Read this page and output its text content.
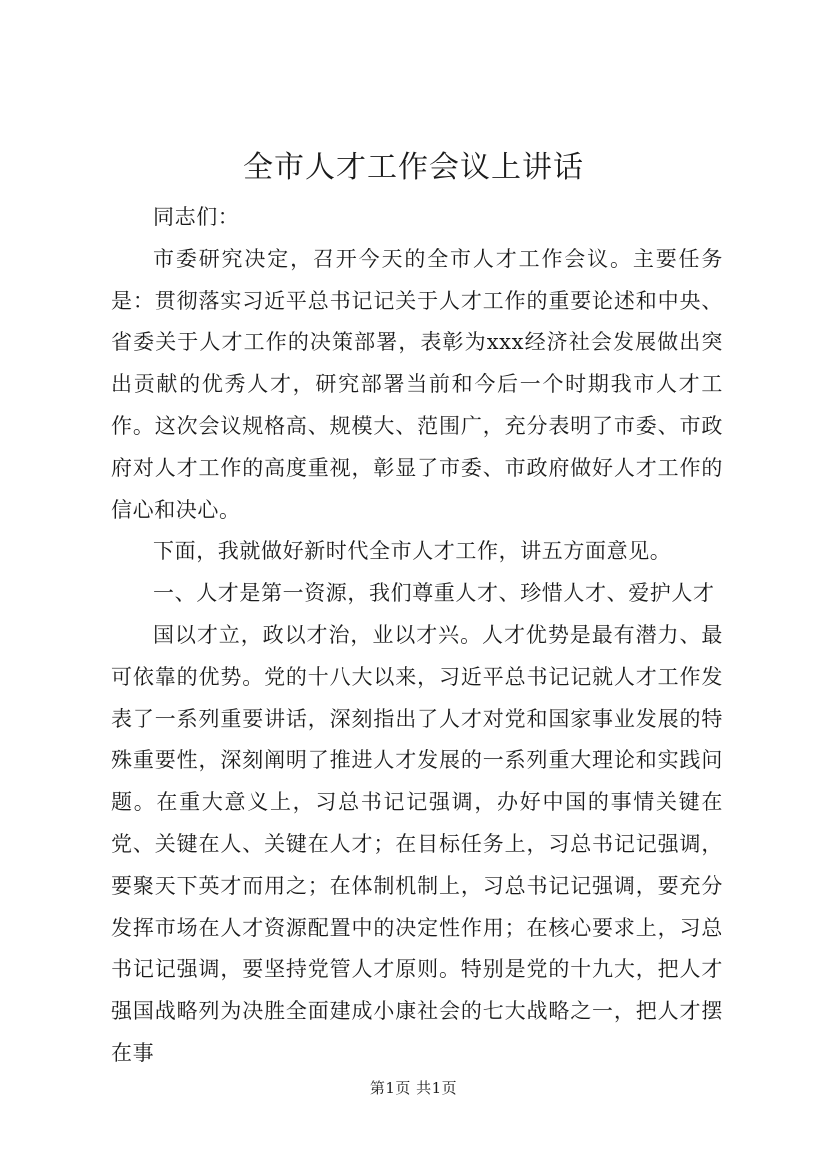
全市人才工作会议上讲话

同志们：

市委研究决定，召开今天的全市人才工作会议。主要任务是：贯彻落实习近平总书记记关于人才工作的重要论述和中央、省委关于人才工作的决策部署，表彰为xxx经济社会发展做出突出贡献的优秀人才，研究部署当前和今后一个时期我市人才工作。这次会议规格高、规模大、范围广，充分表明了市委、市政府对人才工作的高度重视，彰显了市委、市政府做好人才工作的信心和决心。

下面，我就做好新时代全市人才工作，讲五方面意见。

一、人才是第一资源，我们尊重人才、珍惜人才、爱护人才

国以才立，政以才治，业以才兴。人才优势是最有潜力、最可依靠的优势。党的十八大以来，习近平总书记记就人才工作发表了一系列重要讲话，深刻指出了人才对党和国家事业发展的特殊重要性，深刻阐明了推进人才发展的一系列重大理论和实践问题。在重大意义上，习总书记记强调，办好中国的事情关键在党、关键在人、关键在人才；在目标任务上，习总书记记强调，要聚天下英才而用之；在体制机制上，习总书记记强调，要充分发挥市场在人才资源配置中的决定性作用；在核心要求上，习总书记记强调，要坚持党管人才原则。特别是党的十九大，把人才强国战略列为决胜全面建成小康社会的七大战略之一，把人才摆在事

第1页 共1页
